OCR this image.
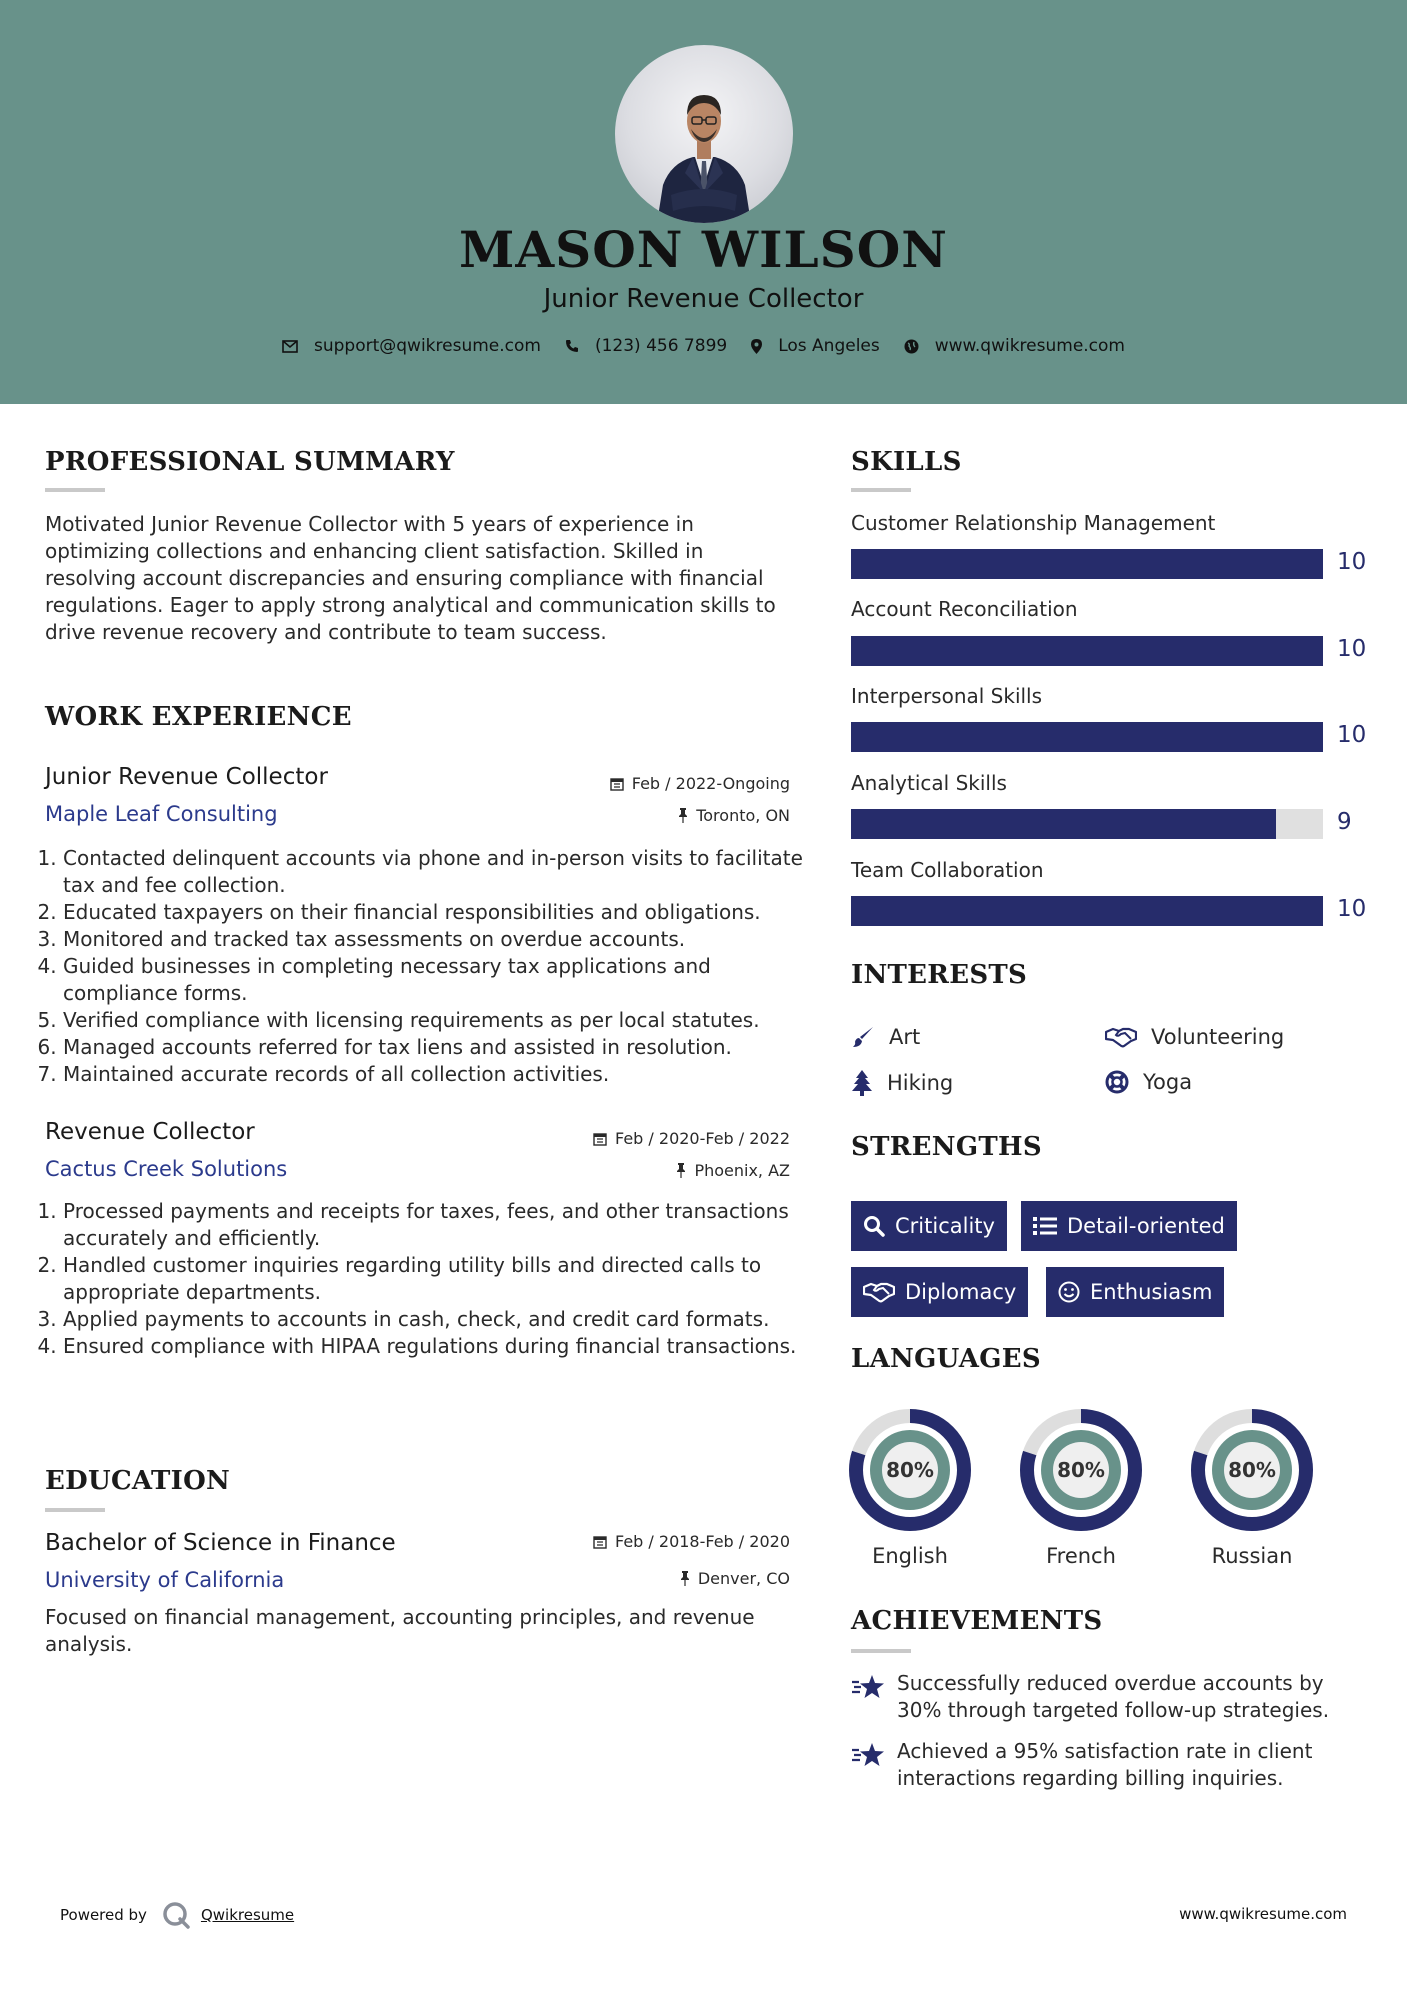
MASON WILSON
Junior Revenue Collector
support@qwikresume.com	(123) 456 7899	Los Angeles	www.qwikresume.com
PROFESSIONAL SUMMARY
Motivated Junior Revenue Collector with 5 years of experience in optimizing collections and enhancing client satisfaction. Skilled in resolving account discrepancies and ensuring compliance with financial regulations. Eager to apply strong analytical and communication skills to drive revenue recovery and contribute to team success.
WORK EXPERIENCE
Junior Revenue Collector	Feb / 2022-Ongoing
Maple Leaf Consulting	Toronto, ON
1. Contacted delinquent accounts via phone and in-person visits to facilitate tax and fee collection.
2. Educated taxpayers on their financial responsibilities and obligations.
3. Monitored and tracked tax assessments on overdue accounts.
4. Guided businesses in completing necessary tax applications and compliance forms.
5. Verified compliance with licensing requirements as per local statutes.
6. Managed accounts referred for tax liens and assisted in resolution.
7. Maintained accurate records of all collection activities.
Revenue Collector	Feb / 2020-Feb / 2022
Cactus Creek Solutions	Phoenix, AZ
1. Processed payments and receipts for taxes, fees, and other transactions accurately and efficiently.
2. Handled customer inquiries regarding utility bills and directed calls to appropriate departments.
3. Applied payments to accounts in cash, check, and credit card formats.
4. Ensured compliance with HIPAA regulations during financial transactions.
EDUCATION
Bachelor of Science in Finance	Feb / 2018-Feb / 2020
University of California	Denver, CO
Focused on financial management, accounting principles, and revenue analysis.
SKILLS
Customer Relationship Management
10
Account Reconciliation
10
Interpersonal Skills
10
Analytical Skills
9
Team Collaboration
10
INTERESTS
Art	Volunteering
Hiking	Yoga
STRENGTHS
Criticality	Detail-oriented
Diplomacy	Enthusiasm
LANGUAGES
80%
English
80%
French
80%
Russian
ACHIEVEMENTS
Successfully reduced overdue accounts by 30% through targeted follow-up strategies.
Achieved a 95% satisfaction rate in client interactions regarding billing inquiries.
Powered by	Qwikresume	www.qwikresume.com
